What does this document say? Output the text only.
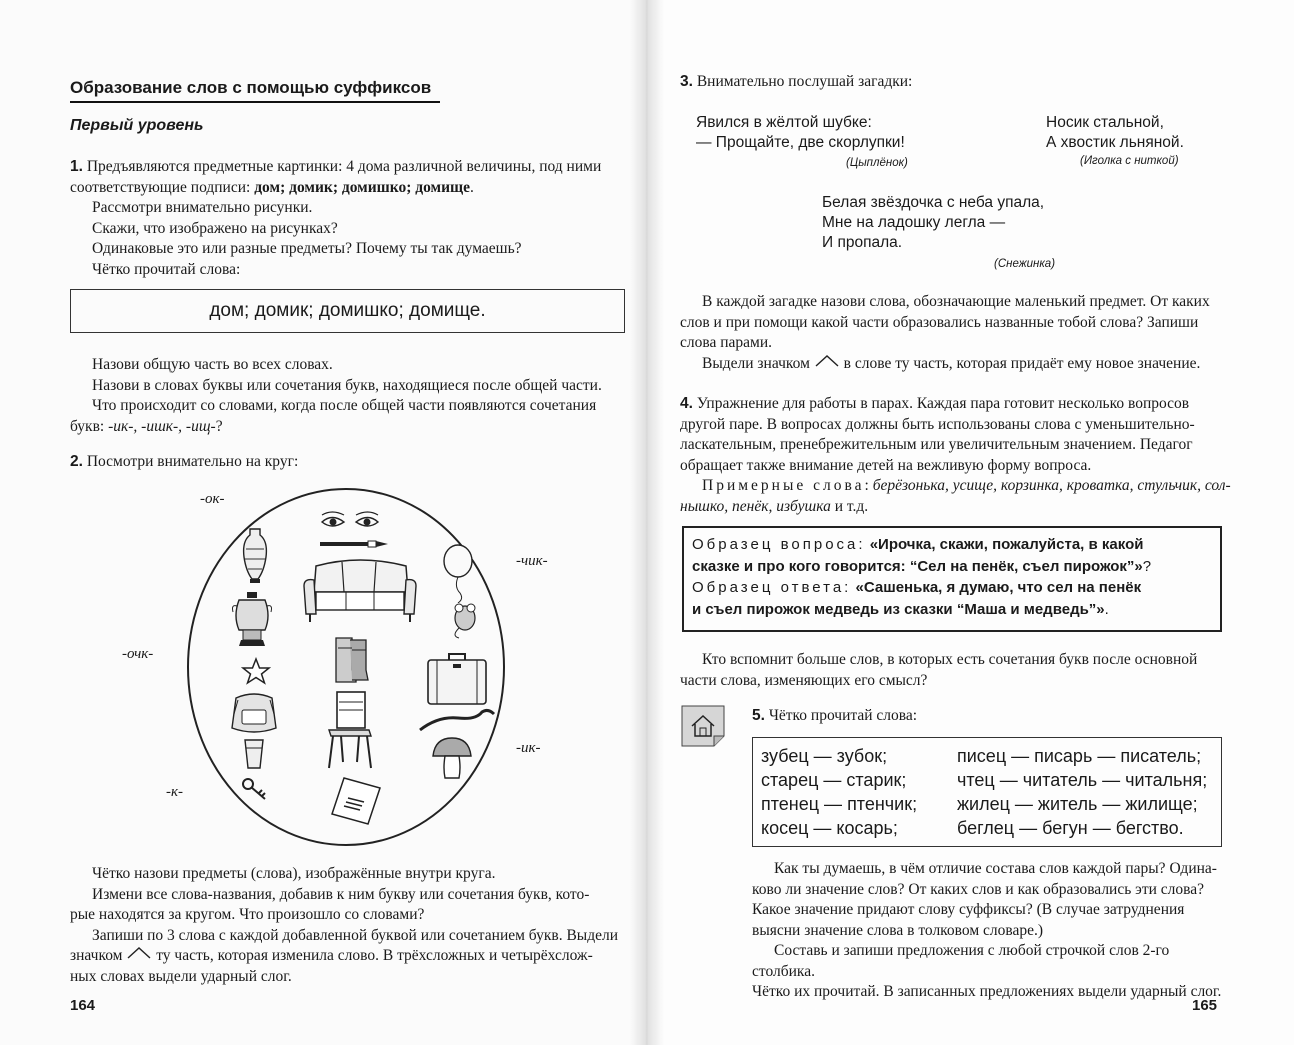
Образование слов с помощью суффиксов
Первый уровень

1. Предъявляются предметные картинки: 4 дома различной величины, под ними

соответствующие подписи: дом; домик; домишко; домище.

Рассмотри внимательно рисунки.

Скажи, что изображено на рисунках?

Одинаковые это или разные предметы? Почему ты так думаешь?

Чётко прочитай слова:

дом; домик; домишко; домище.

Назови общую часть во всех словах.

Назови в словах буквы или сочетания букв, находящиеся после общей части.

Что происходит со словами, когда после общей части появляются сочетания

букв: -ик-, -ишк-, -ищ-?

2. Посмотри внимательно на круг:

-ок-
-чик-
-очк-
-ик-
-к-

Чётко назови предметы (слова), изображённые внутри круга.

Измени все слова-названия, добавив к ним букву или сочетания букв, кото-

рые находятся за кругом. Что произошло со словами?

Запиши по 3 слова с каждой добавленной буквой или сочетанием букв. Выдели

значком ту часть, которая изменила слово. В трёхсложных и четырёхслож-

ных словах выдели ударный слог.

164

3. Внимательно послушай загадки:

Явился в жёлтой шубке:
— Прощайте, две скорлупки!
(Цыплёнок)
Носик стальной,
А хвостик льняной.
(Иголка с ниткой)
Белая звёздочка с неба упала,
Мне на ладошку легла —
И пропала.
(Снежинка)

В каждой загадке назови слова, обозначающие маленький предмет. От каких

слов и при помощи какой части образовались названные тобой слова? Запиши

слова парами.

Выдели значком в слове ту часть, которая придаёт ему новое значение.

4. Упражнение для работы в парах. Каждая пара готовит несколько вопросов

другой паре. В вопросах должны быть использованы слова с уменьшительно-

ласкательным, пренебрежительным или увеличительным значением. Педагог

обращает также внимание детей на вежливую форму вопроса.

Примерные слова: берёзонька, усище, корзинка, кроватка, стульчик, сол-

нышко, пенёк, избушка и т.д.

Образец вопроса: «Ирочка, скажи, пожалуйста, в какой
сказке и про кого говорится: “Сел на пенёк, съел пирожок”»?
Образец ответа: «Сашенька, я думаю, что сел на пенёк
и съел пирожок медведь из сказки “Маша и медведь”».

Кто вспомнит больше слов, в которых есть сочетания букв после основной

части слова, изменяющих его смысл?

5. Чётко прочитай слова:

зубец — зубок;	писец — писарь — писатель;
старец — старик;	чтец — читатель — читальня;
птенец — птенчик;	жилец — житель — жилище;
косец — косарь;	беглец — бегун — бегство.

Как ты думаешь, в чём отличие состава слов каждой пары? Одина-

ково ли значение слов? От каких слов и как образовались эти слова?

Какое значение придают слову суффиксы? (В случае затруднения

выясни значение слова в толковом словаре.)

Составь и запиши предложения с любой строчкой слов 2-го столбика.

Чётко их прочитай. В записанных предложениях выдели ударный слог.

165
